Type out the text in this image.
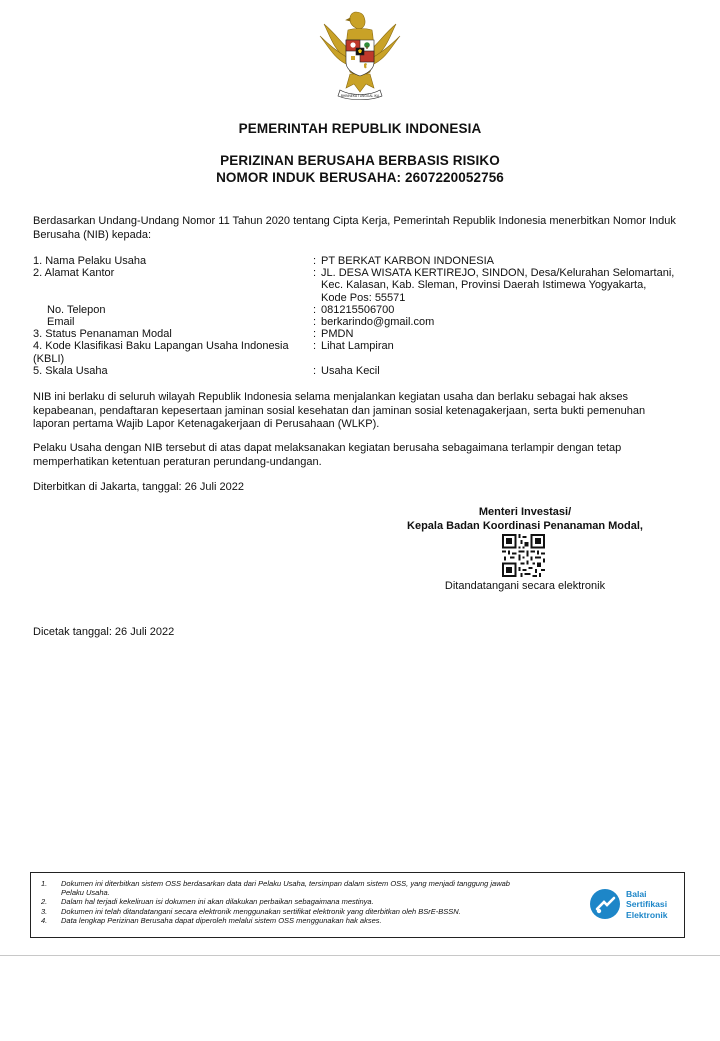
BHINNEKA TUNGGAL IKA
PEMERINTAH REPUBLIK INDONESIA
PERIZINAN BERUSAHA BERBASIS RISIKO
NOMOR INDUK BERUSAHA: 2607220052756
Berdasarkan Undang-Undang Nomor 11 Tahun 2020 tentang Cipta Kerja, Pemerintah Republik Indonesia menerbitkan Nomor Induk
Berusaha (NIB) kepada:
1. Nama Pelaku Usaha	: PT BERKAT KARBON INDONESIA
2. Alamat Kantor	: JL. DESA WISATA KERTIREJO, SINDON, Desa/Kelurahan Selomartani,
Kec. Kalasan, Kab. Sleman, Provinsi Daerah Istimewa Yogyakarta,
Kode Pos: 55571
No. Telepon	: 081215506700
Email	: berkarindo@gmail.com
3. Status Penanaman Modal	: PMDN
4. Kode Klasifikasi Baku Lapangan Usaha Indonesia
(KBLI)
: Lihat Lampiran
5. Skala Usaha	: Usaha Kecil
NIB ini berlaku di seluruh wilayah Republik Indonesia selama menjalankan kegiatan usaha dan berlaku sebagai hak akses
kepabeanan, pendaftaran kepesertaan jaminan sosial kesehatan dan jaminan sosial ketenagakerjaan, serta bukti pemenuhan
laporan pertama Wajib Lapor Ketenagakerjaan di Perusahaan (WLKP).
Pelaku Usaha dengan NIB tersebut di atas dapat melaksanakan kegiatan berusaha sebagaimana terlampir dengan tetap
memperhatikan ketentuan peraturan perundang-undangan.
Diterbitkan di Jakarta, tanggal: 26 Juli 2022
Menteri Investasi/
Kepala Badan Koordinasi Penanaman Modal,
Ditandatangani secara elektronik
Dicetak tanggal: 26 Juli 2022
1.	Dokumen ini diterbitkan sistem OSS berdasarkan data dari Pelaku Usaha, tersimpan dalam sistem OSS, yang menjadi tanggung jawab
Pelaku Usaha.
2.	Dalam hal terjadi kekeliruan isi dokumen ini akan dilakukan perbaikan sebagaimana mestinya.
3.	Dokumen ini telah ditandatangani secara elektronik menggunakan sertifikat elektronik yang diterbitkan oleh BSrE-BSSN.
4.	Data lengkap Perizinan Berusaha dapat diperoleh melalui sistem OSS menggunakan hak akses.
Balai
Sertifikasi
Elektronik
